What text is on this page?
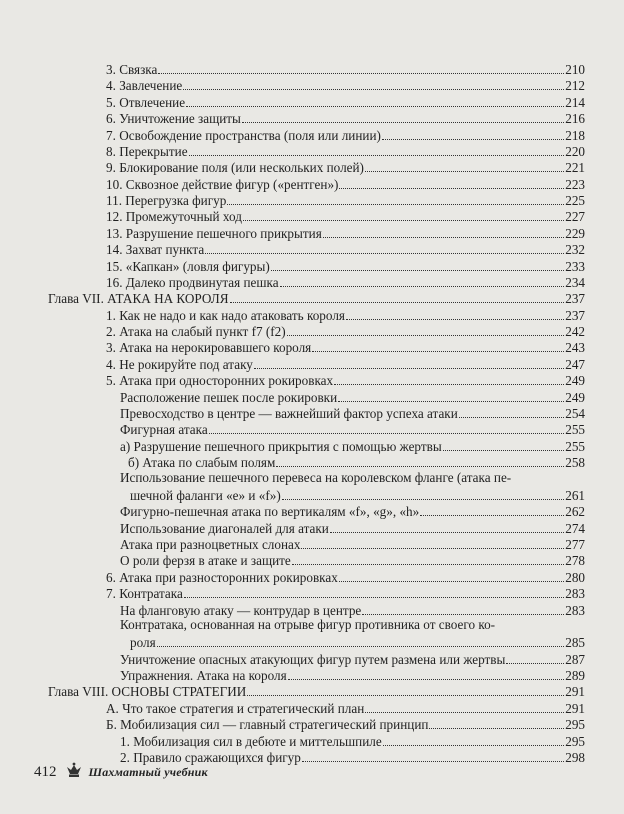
3. Связка	210
4. Завлечение	212
5. Отвлечение	214
6. Уничтожение защиты	216
7. Освобождение пространства (поля или линии)	218
8. Перекрытие	220
9. Блокирование поля (или нескольких полей)	221
10. Сквозное действие фигур («рентген»)	223
11. Перегрузка фигур	225
12. Промежуточный ход	227
13. Разрушение пешечного прикрытия	229
14. Захват пункта	232
15. «Капкан» (ловля фигуры)	233
16. Далеко продвинутая пешка	234
Глава VII. АТАКА НА КОРОЛЯ	237
1. Как не надо и как надо атаковать короля	237
2. Атака на слабый пункт f7 (f2)	242
3. Атака на нерокировавшего короля	243
4. Не рокируйте под атаку	247
5. Атака при односторонних рокировках	249
Расположение пешек после рокировки	249
Превосходство в центре — важнейший фактор успеха атаки	254
Фигурная атака	255
а) Разрушение пешечного прикрытия с помощью жертвы	255
б) Атака по слабым полям	258
Использование пешечного перевеса на королевском фланге (атака пе-
шечной фаланги «е» и «f»)	261
Фигурно-пешечная атака по вертикалям «f», «g», «h»	262
Использование диагоналей для атаки	274
Атака при разноцветных слонах	277
О роли ферзя в атаке и защите	278
6. Атака при разносторонних рокировках	280
7. Контратака	283
На фланговую атаку — контрудар в центре	283
Контратака, основанная на отрыве фигур противника от своего ко-
роля	285
Уничтожение опасных атакующих фигур путем размена или жертвы	287
Упражнения. Атака на короля	289
Глава VIII. ОСНОВЫ СТРАТЕГИИ	291
А. Что такое стратегия и стратегический план	291
Б. Мобилизация сил — главный стратегический принцип	295
1. Мобилизация сил в дебюте и миттельшпиле	295
2. Правило сражающихся фигур	298
412	Шахматный учебник
